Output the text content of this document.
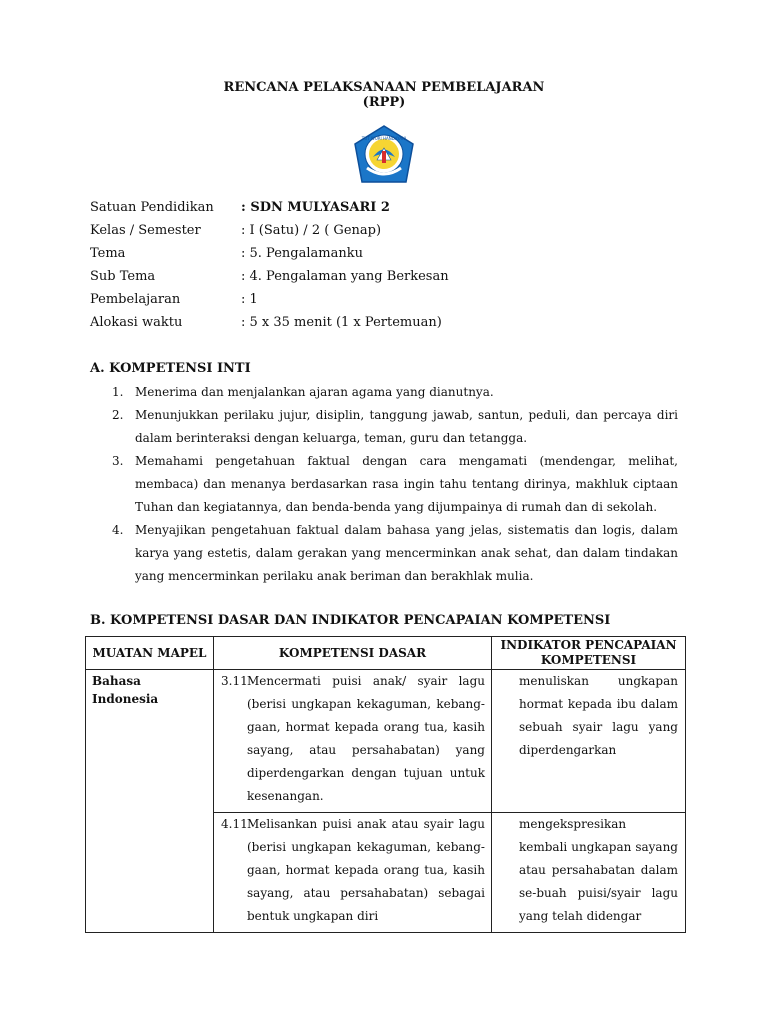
RENCANA PELAKSANAAN PEMBELAJARAN
(RPP)
TUT WURI HANDAYANI
Satuan Pendidikan : SDN MULYASARI 2
Kelas / Semester	: I (Satu) / 2 ( Genap)
Tema	: 5. Pengalamanku
Sub Tema	: 4. Pengalaman yang Berkesan
Pembelajaran	: 1
Alokasi waktu	: 5 x 35 menit (1 x Pertemuan)
A. KOMPETENSI INTI
1. Menerima dan menjalankan ajaran agama yang dianutnya.
2. Menunjukkan perilaku jujur, disiplin, tanggung jawab, santun, peduli, dan percaya diri dalam berinteraksi dengan keluarga, teman, guru dan tetangga.
3. Memahami pengetahuan faktual dengan cara mengamati (mendengar, melihat, membaca) dan menanya berdasarkan rasa ingin tahu tentang dirinya, makhluk ciptaan Tuhan dan kegiatannya, dan benda-benda yang dijumpainya di rumah dan di sekolah.
4. Menyajikan pengetahuan faktual dalam bahasa yang jelas, sistematis dan logis, dalam karya yang estetis, dalam gerakan yang mencerminkan anak sehat, dan dalam tindakan yang mencerminkan perilaku anak beriman dan berakhlak mulia.
B. KOMPETENSI DASAR DAN INDIKATOR PENCAPAIAN KOMPETENSI
MUATAN MAPEL	KOMPETENSI DASAR	INDIKATOR PENCAPAIAN KOMPETENSI
Bahasa Indonesia	3.11 Mencermati puisi anak/ syair lagu (berisi ungkapan kekaguman, kebang-gaan, hormat kepada orang tua, kasih sayang, atau persahabatan) yang diperdengarkan dengan tujuan untuk kesenangan.	menuliskan ungkapan hormat kepada ibu dalam sebuah syair lagu yang diperdengarkan

	4.11 Melisankan puisi anak atau syair lagu (berisi ungkapan kekaguman, kebang-gaan, hormat kepada orang tua, kasih sayang, atau persahabatan) sebagai bentuk ungkapan diri	mengekspresikan kembali ungkapan sayang atau persahabatan dalam se-buah puisi/syair lagu yang telah didengar
